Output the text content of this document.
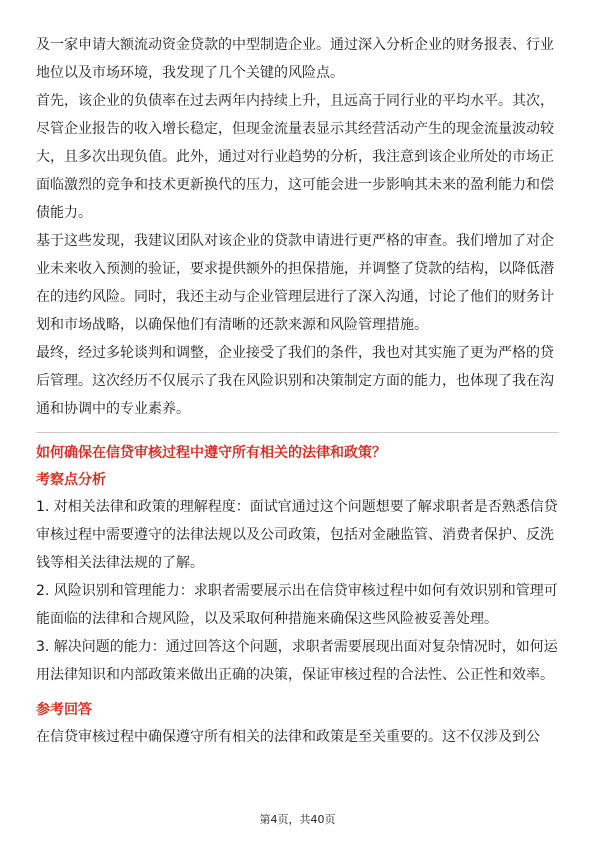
及一家申请大额流动资金贷款的中型制造企业。通过深入分析企业的财务报表、行业地位以及市场环境，我发现了几个关键的风险点。

首先，该企业的负债率在过去两年内持续上升，且远高于同行业的平均水平。其次，尽管企业报告的收入增长稳定，但现金流量表显示其经营活动产生的现金流量波动较大，且多次出现负值。此外，通过对行业趋势的分析，我注意到该企业所处的市场正面临激烈的竞争和技术更新换代的压力，这可能会进一步影响其未来的盈利能力和偿债能力。

基于这些发现，我建议团队对该企业的贷款申请进行更严格的审查。我们增加了对企业未来收入预测的验证，要求提供额外的担保措施，并调整了贷款的结构，以降低潜在的违约风险。同时，我还主动与企业管理层进行了深入沟通，讨论了他们的财务计划和市场战略，以确保他们有清晰的还款来源和风险管理措施。

最终，经过多轮谈判和调整，企业接受了我们的条件，我也对其实施了更为严格的贷后管理。这次经历不仅展示了我在风险识别和决策制定方面的能力，也体现了我在沟通和协调中的专业素养。

如何确保在信贷审核过程中遵守所有相关的法律和政策？
考察点分析

1. 对相关法律和政策的理解程度：面试官通过这个问题想要了解求职者是否熟悉信贷审核过程中需要遵守的法律法规以及公司政策，包括对金融监管、消费者保护、反洗钱等相关法律法规的了解。

2. 风险识别和管理能力：求职者需要展示出在信贷审核过程中如何有效识别和管理可能面临的法律和合规风险，以及采取何种措施来确保这些风险被妥善处理。

3. 解决问题的能力：通过回答这个问题，求职者需要展现出面对复杂情况时，如何运用法律知识和内部政策来做出正确的决策，保证审核过程的合法性、公正性和效率。

参考回答

在信贷审核过程中确保遵守所有相关的法律和政策是至关重要的。这不仅涉及到公

第4页，共40页
